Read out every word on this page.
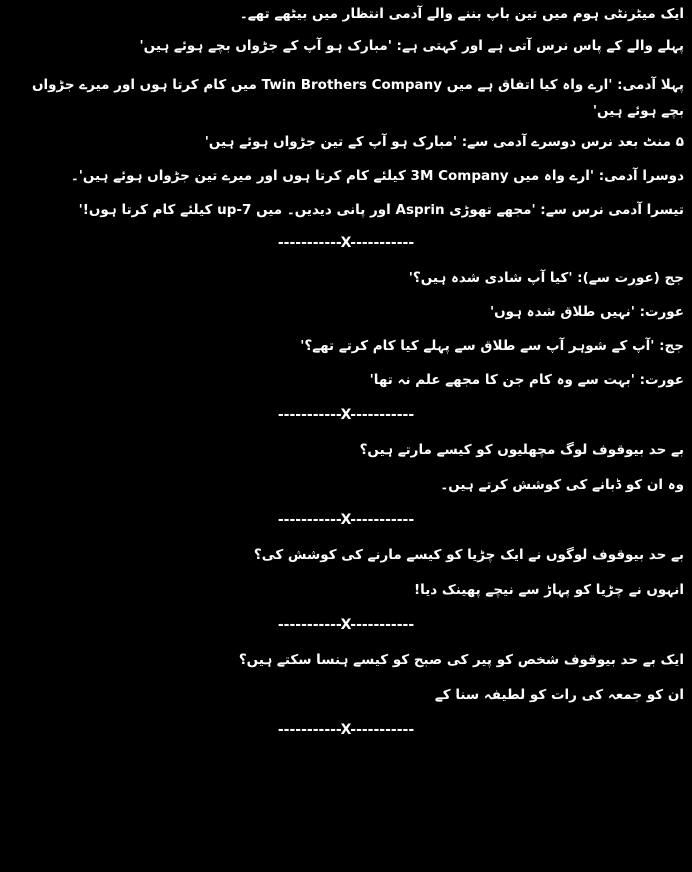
ایک میٹرنٹی ہوم میں تین باپ بننے والے آدمی انتظار میں بیٹھے تھے۔

پہلے والے کے پاس نرس آتی ہے اور کہتی ہے: 'مبارک ہو آپ کے جڑواں بچے ہوئے ہیں'

پہلا آدمی: 'ارے واہ کیا اتفاق ہے میں Twin Brothers Company میں کام کرتا ہوں اور میرے جڑواں بچے ہوئے ہیں'

۵ منٹ بعد نرس دوسرے آدمی سے: 'مبارک ہو آپ کے تین جڑواں ہوئے ہیں'

دوسرا آدمی: 'ارے واہ میں 3M Company کیلئے کام کرتا ہوں اور میرے تین جڑواں ہوئے ہیں'۔

تیسرا آدمی نرس سے: 'مجھے تھوڑی Asprin اور پانی دیدیں۔ میں 7-up کیلئے کام کرتا ہوں!'

-----------X-----------

جج (عورت سے): 'کیا آپ شادی شدہ ہیں؟'

عورت: 'نہیں طلاق شدہ ہوں'

جج: 'آپ کے شوہر آپ سے طلاق سے پہلے کیا کام کرتے تھے؟'

عورت: 'بہت سے وہ کام جن کا مجھے علم نہ تھا'

-----------X-----------

بے حد بیوقوف لوگ مچھلیوں کو کیسے مارتے ہیں؟

وہ ان کو ڈبانے کی کوشش کرتے ہیں۔

-----------X-----------

بے حد بیوقوف لوگوں نے ایک چڑیا کو کیسے مارنے کی کوشش کی؟

انہوں نے چڑیا کو پہاڑ سے نیچے پھینک دیا!

-----------X-----------

ایک بے حد بیوقوف شخص کو پیر کی صبح کو کیسے ہنسا سکتے ہیں؟

ان کو جمعہ کی رات کو لطیفہ سنا کے

-----------X-----------
